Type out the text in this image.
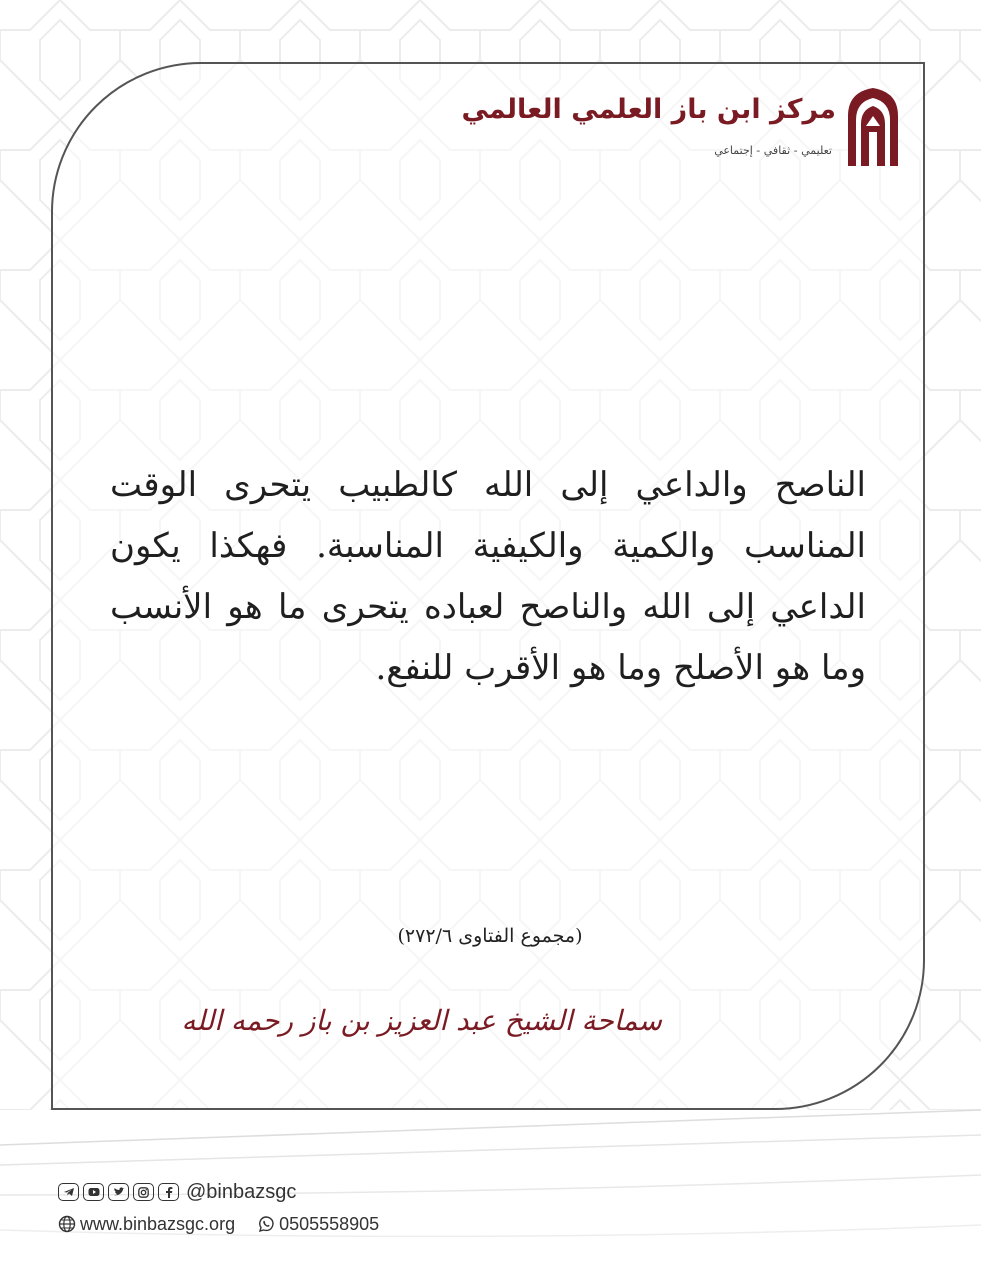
مركز ابن باز العلمي العالمي
تعليمي - ثقافي - إجتماعي
الناصح والداعي إلى الله كالطبيب يتحرى الوقت المناسب والكمية والكيفية المناسبة. فهكذا يكون الداعي إلى الله والناصح لعباده يتحرى ما هو الأنسب وما هو الأصلح وما هو الأقرب للنفع.
(مجموع الفتاوى ٢٧٢/٦)
سماحة الشيخ عبد العزيز بن باز رحمه الله
@binbazsgc
www.binbazsgc.org 0505558905
